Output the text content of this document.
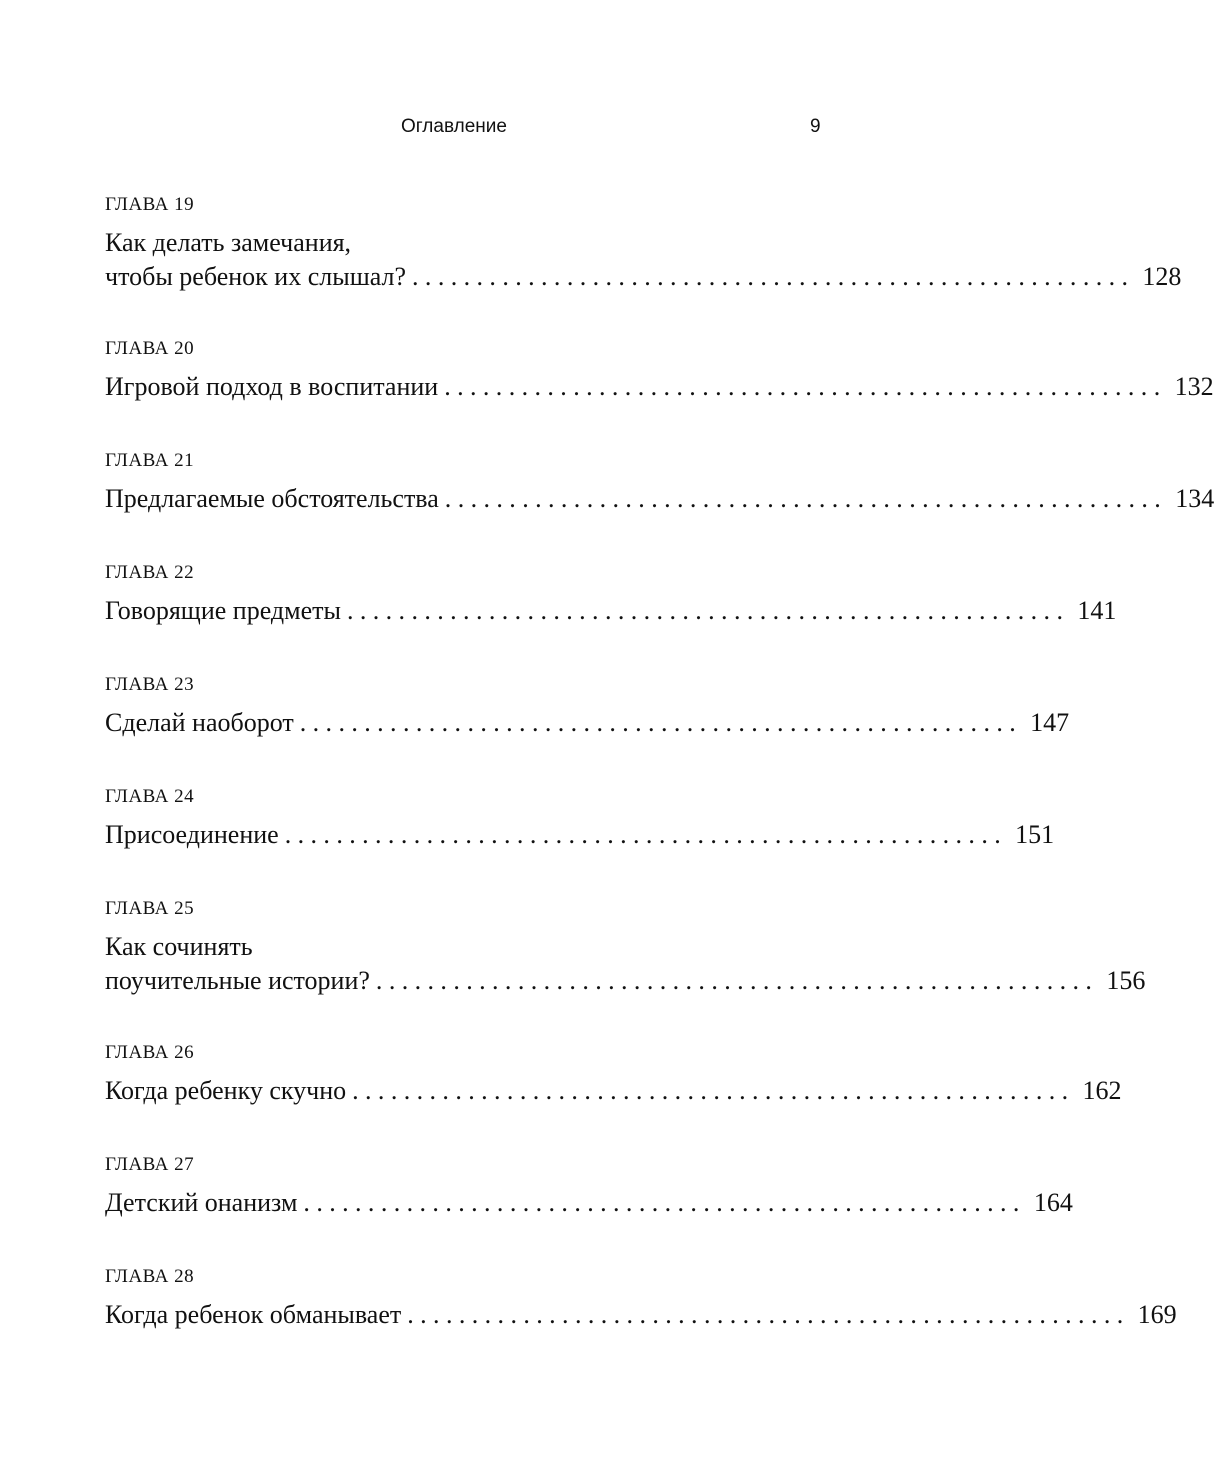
Оглавление	9
ГЛАВА 19
Как делать замечания,
чтобы ребенок их слышал? ........................................................ 128
ГЛАВА 20
Игровой подход в воспитании ........................................................ 132
ГЛАВА 21
Предлагаемые обстоятельства ........................................................ 134
ГЛАВА 22
Говорящие предметы ........................................................ 141
ГЛАВА 23
Сделай наоборот ........................................................ 147
ГЛАВА 24
Присоединение ........................................................ 151
ГЛАВА 25
Как сочинять
поучительные истории? ........................................................ 156
ГЛАВА 26
Когда ребенку скучно ........................................................ 162
ГЛАВА 27
Детский онанизм ........................................................ 164
ГЛАВА 28
Когда ребенок обманывает ........................................................ 169
